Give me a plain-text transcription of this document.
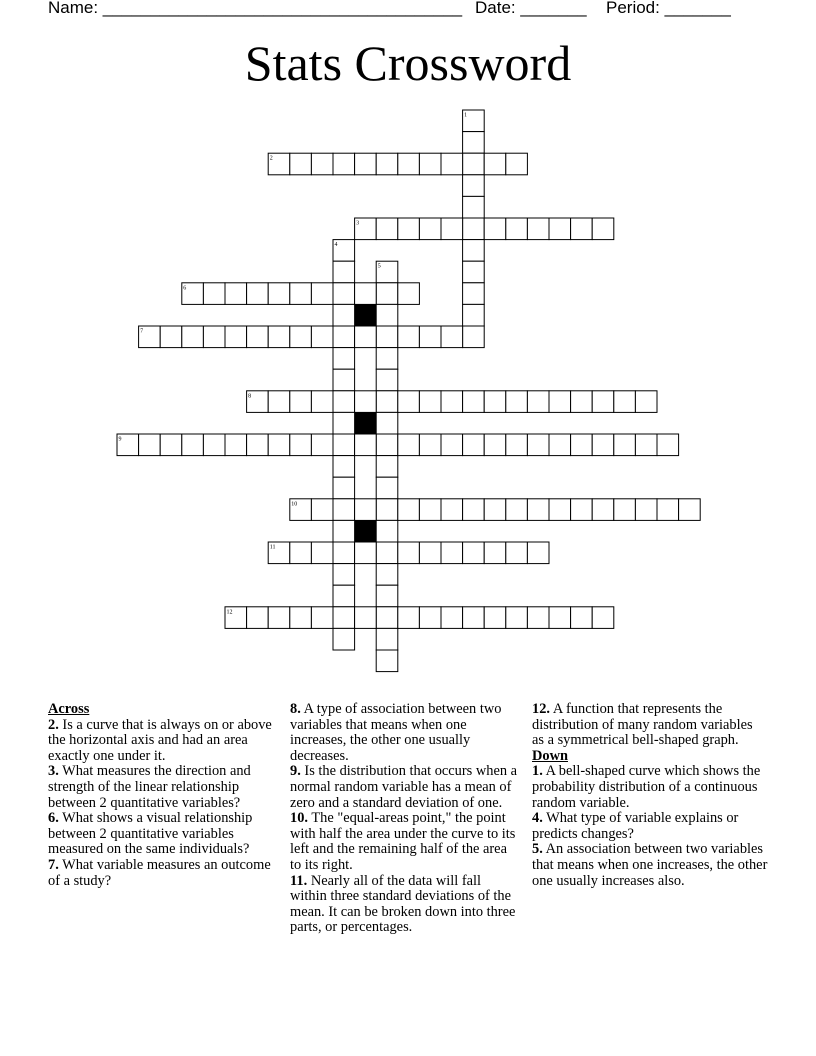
Name: ______________________________________ Date: _______ Period: _______
Stats Crossword
1
2
3
4
5
6
7
8
9
10
11
12
Across
2. Is a curve that is always on or above the horizontal axis and had an area exactly one under it.
3. What measures the direction and strength of the linear relationship between 2 quantitative variables?
6. What shows a visual relationship between 2 quantitative variables measured on the same individuals?
7. What variable measures an outcome of a study?
8. A type of association between two variables that means when one increases, the other one usually decreases.
9. Is the distribution that occurs when a normal random variable has a mean of zero and a standard deviation of one.
10. The "equal-areas point," the point with half the area under the curve to its left and the remaining half of the area to its right.
11. Nearly all of the data will fall within three standard deviations of the mean. It can be broken down into three parts, or percentages.
12. A function that represents the distribution of many random variables as a symmetrical bell-shaped graph.
Down
1. A bell-shaped curve which shows the probability distribution of a continuous random variable.
4. What type of variable explains or predicts changes?
5. An association between two variables that means when one increases, the other one usually increases also.
